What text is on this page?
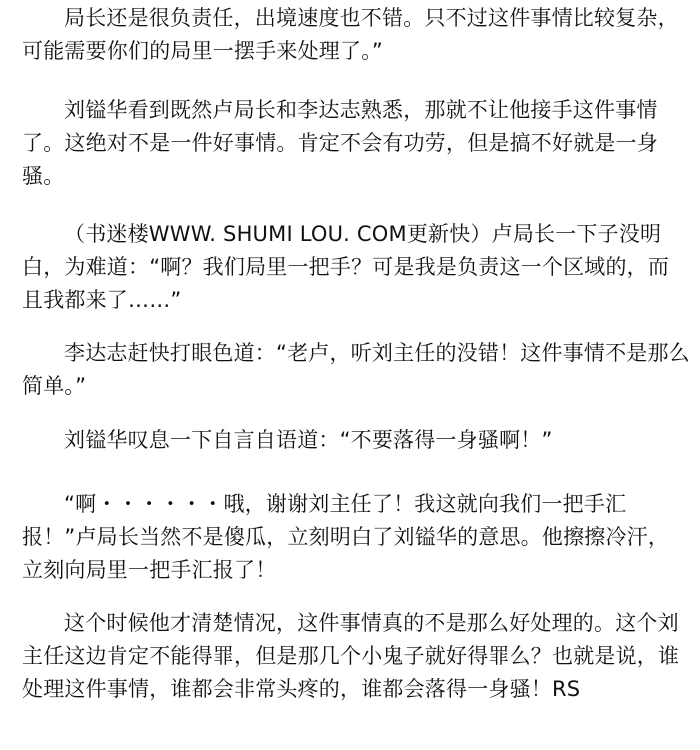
局长还是很负责任，出境速度也不错。只不过这件事情比较复杂，可能需要你们的局里一摆手来处理了。”

刘镒华看到既然卢局长和李达志熟悉，那就不让他接手这件事情了。这绝对不是一件好事情。肯定不会有功劳，但是搞不好就是一身骚。

（书迷楼WWW. SHUMI LOU. COM更新快）卢局长一下子没明白，为难道：“啊？我们局里一把手？可是我是负责这一个区域的，而且我都来了……”

李达志赶快打眼色道：“老卢，听刘主任的没错！这件事情不是那么简单。”

刘镒华叹息一下自言自语道：“不要落得一身骚啊！”

“啊・・・・・・哦，谢谢刘主任了！我这就向我们一把手汇报！”卢局长当然不是傻瓜，立刻明白了刘镒华的意思。他擦擦冷汗，立刻向局里一把手汇报了！

这个时候他才清楚情况，这件事情真的不是那么好处理的。这个刘主任这边肯定不能得罪，但是那几个小鬼子就好得罪么？也就是说，谁处理这件事情，谁都会非常头疼的，谁都会落得一身骚！RS
